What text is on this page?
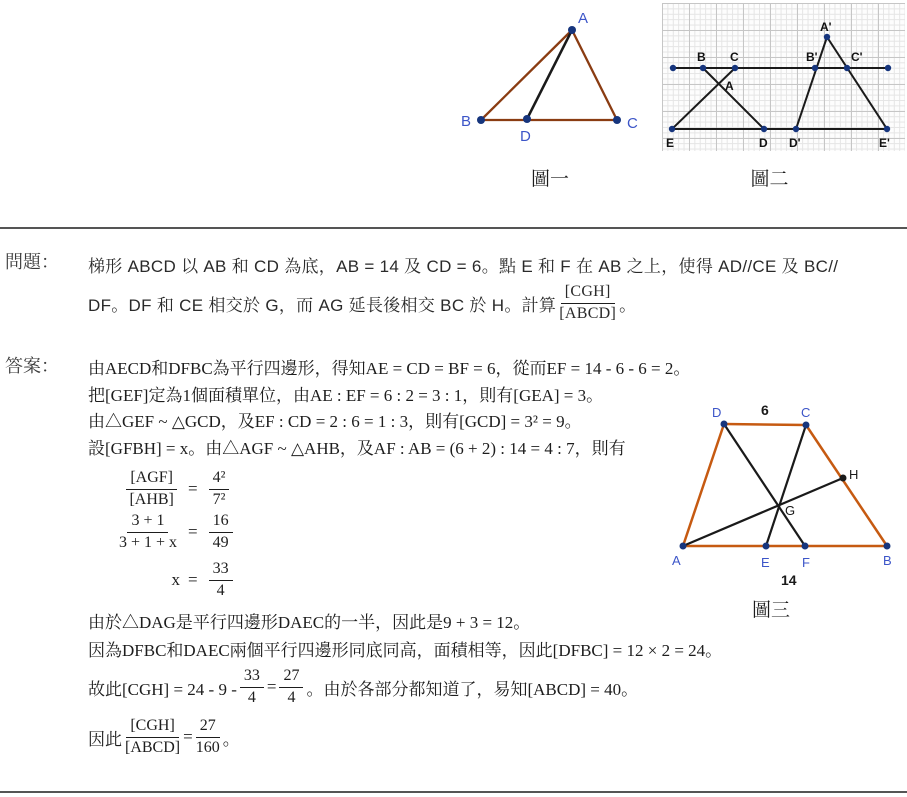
A
B
D
C
圖一
B C
A
B'	C'
A'
E	D D'	E'
圖二
問題： 梯形 ABCD 以 AB 和 CD 為底，AB = 14 及 CD = 6。點 E 和 F 在 AB 之上，使得 AD//CE 及 BC//
DF。DF 和 CE 相交於 G，而 AG 延長後相交 BC 於 H。計算 $\frac{\text{[CGH]}}{\text{[ABCD]}}$ 。
答案： 由AECD和DFBC為平行四邊形，得知AE = CD = BF = 6，從而EF = 14 - 6 - 6 = 2。
把[GEF]定為1個面積單位，由AE : EF = 6 : 2 = 3 : 1，則有[GEA] = 3。
由△GEF ~ △GCD，及EF : CD = 2 : 6 = 1 : 3，則有[GCD] = 3² = 9。
設[GFBH] = x。由△AGF ~ △AHB，及AF : AB = (6 + 2) : 14 = 4 : 7，則有
$\frac{\text{[AGF]}}{\text{[AHB]}} = \frac{\text{4²}}{\text{7²}}$
$\frac{3 + 1}{3 + 1 + x} = \frac{16}{49}$
$x = \frac{33}{4}$
由於△DAG是平行四邊形DAEC的一半，因此是9 + 3 = 12。
因為DFBC和DAEC兩個平行四邊形同底同高，面積相等，因此[DFBC] = 12 × 2 = 24。
故此$[CGH] = 24 - 9 - \frac{33}{4} = \frac{27}{4}$ 。由於各部分都知道了，易知[ABCD] = 40。
因此 $\frac{\text{[CGH]}}{\text{[ABCD]}} = \frac{27}{160}$ 。
D	6 C
H
G
A	E F	B
14
圖三
